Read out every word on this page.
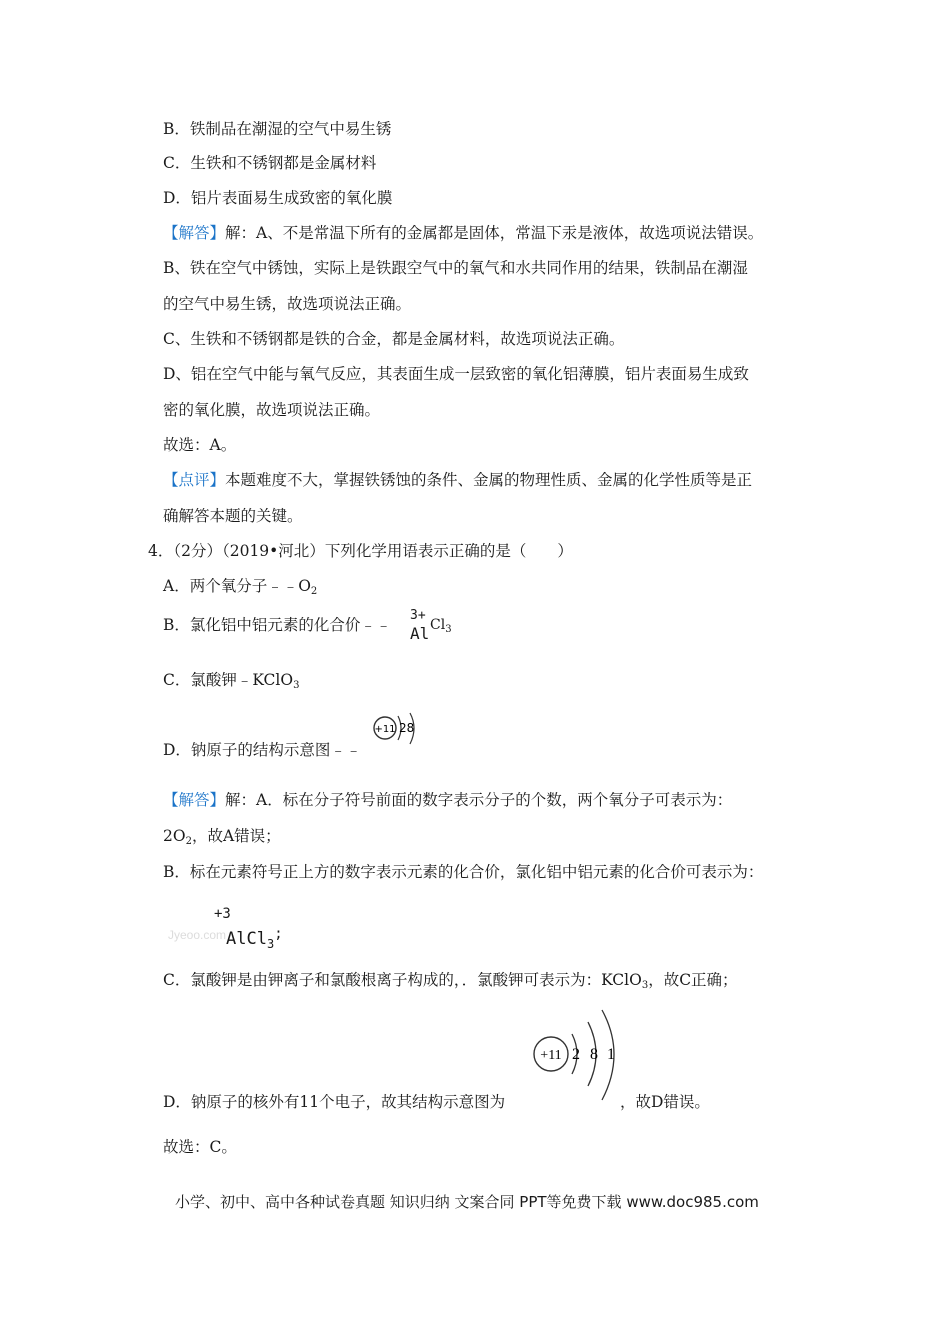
B．铁制品在潮湿的空气中易生锈
C．生铁和不锈钢都是金属材料
D．铝片表面易生成致密的氧化膜
【解答】解：A、不是常温下所有的金属都是固体，常温下汞是液体，故选项说法错误。
B、铁在空气中锈蚀，实际上是铁跟空气中的氧气和水共同作用的结果，铁制品在潮湿
的空气中易生锈，故选项说法正确。
C、生铁和不锈钢都是铁的合金，都是金属材料，故选项说法正确。
D、铝在空气中能与氧气反应，其表面生成一层致密的氧化铝薄膜，铝片表面易生成致
密的氧化膜，故选项说法正确。
故选：A。
【点评】本题难度不大，掌握铁锈蚀的条件、金属的物理性质、金属的化学性质等是正
确解答本题的关键。
4．（2分）（2019•河北）下列化学用语表示正确的是（　　）
A．两个氧分子$﹣﹣O_2$
B．氯化铝中铝元素的化合价﹣﹣
3+
Al $Cl_3$
C．氯酸钾﹣KClO$_3$
D．钠原子的结构示意图﹣﹣
+11 28
【解答】解：A．标在分子符号前面的数字表示分子的个数，两个氧分子可表示为：
$2O_2$，故A错误；
B．标在元素符号正上方的数字表示元素的化合价，氯化铝中铝元素的化合价可表示为：
Jyeoo.com
+3
AlCl$_3$;
C．氯酸钾是由钾离子和氯酸根离子构成的，．氯酸钾可表示为：KClO$_3$，故C正确；
+11 2 8 1
D．钠原子的核外有11个电子，故其结构示意图为	，故D错误。
故选：C。
小学、初中、高中各种试卷真题 知识归纳 文案合同 PPT等免费下载 www.doc985.com
